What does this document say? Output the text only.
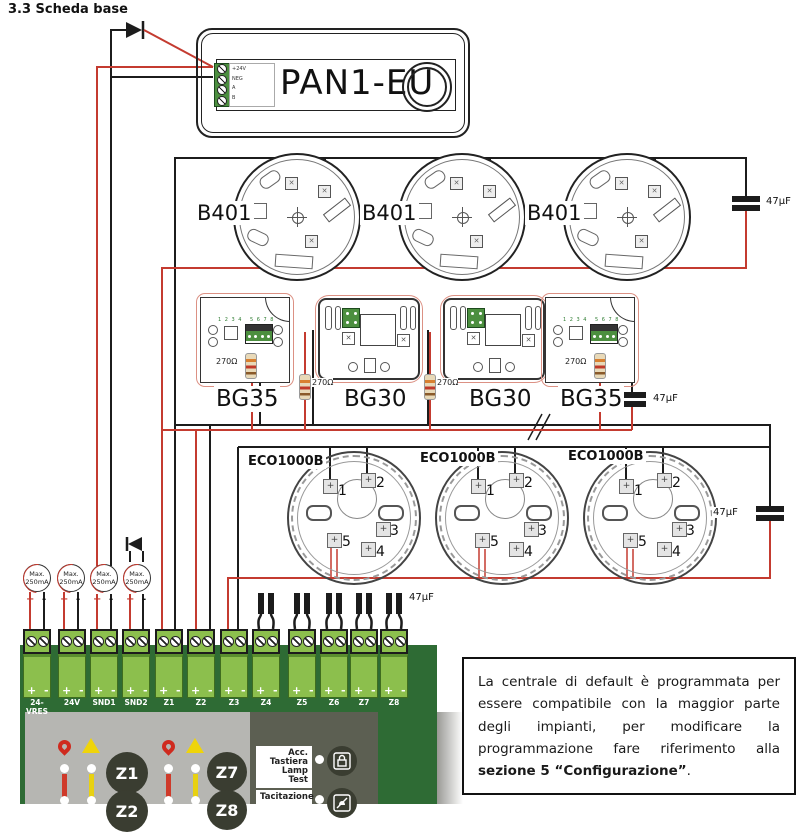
3.3 Scheda base
+24V
NEG
A
B	PAN1-EU
✕
✕
✕
✕
✕
✕
✕
✕
✕
B401	B401	B401	47µF
1 2 3 4 5 6 7 8
270Ω
✕	✕
270Ω
✕	✕
270Ω
1 2 3 4 5 6 7 8
270Ω
BG35	BG30	BG30 BG35	47µF
+
+
+
+
+
1 2
3
4
5
+
+
+
+
+
1 2
3
4
5
+
+
+
+
+
1 2
3
4
5
ECO1000B	ECO1000B	ECO1000B
47µF
47µF
Max.
250mA
Max.
250mA
Max.
250mA
Max.
250mA
+ - + - + - + -
+ - + - + - + - + - + - + - + - + - + - + - + -
24-VRES
24V	SND1	SND2	Z1	Z2	Z3	Z4	Z5	Z6	Z7	Z8
Z1
Z2
Z7
Z8
Acc. Tastiera
Lamp Test
Tacitazione
La centrale di default è programmata per essere compatibile con la maggior parte degli impianti, per modificare la programmazione fare riferimento alla sezione 5 “Configurazione”.
